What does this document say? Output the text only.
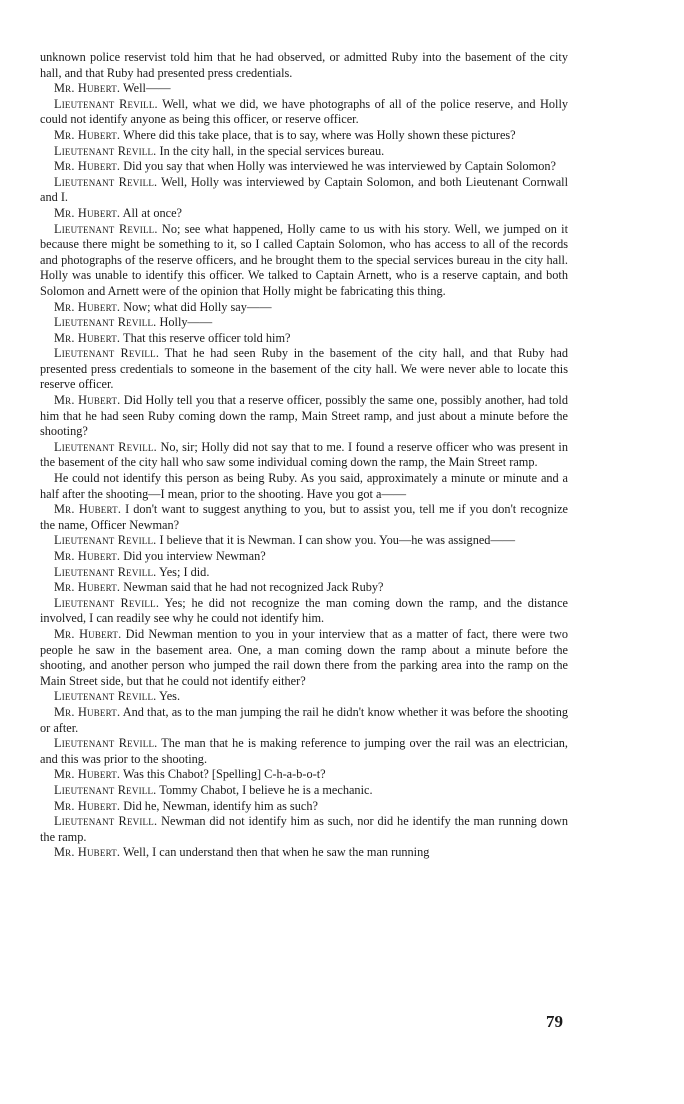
unknown police reservist told him that he had observed, or admitted Ruby into the basement of the city hall, and that Ruby had presented press credentials.

Mr. Hubert. Well——

Lieutenant Revill. Well, what we did, we have photographs of all of the police reserve, and Holly could not identify anyone as being this officer, or reserve officer.

Mr. Hubert. Where did this take place, that is to say, where was Holly shown these pictures?

Lieutenant Revill. In the city hall, in the special services bureau.

Mr. Hubert. Did you say that when Holly was interviewed he was interviewed by Captain Solomon?

Lieutenant Revill. Well, Holly was interviewed by Captain Solomon, and both Lieutenant Cornwall and I.

Mr. Hubert. All at once?

Lieutenant Revill. No; see what happened, Holly came to us with his story. Well, we jumped on it because there might be something to it, so I called Captain Solomon, who has access to all of the records and photographs of the reserve officers, and he brought them to the special services bureau in the city hall. Holly was unable to identify this officer. We talked to Captain Arnett, who is a reserve captain, and both Solomon and Arnett were of the opinion that Holly might be fabricating this thing.

Mr. Hubert. Now; what did Holly say——

Lieutenant Revill. Holly——

Mr. Hubert. That this reserve officer told him?

Lieutenant Revill. That he had seen Ruby in the basement of the city hall, and that Ruby had presented press credentials to someone in the basement of the city hall. We were never able to locate this reserve officer.

Mr. Hubert. Did Holly tell you that a reserve officer, possibly the same one, possibly another, had told him that he had seen Ruby coming down the ramp, Main Street ramp, and just about a minute before the shooting?

Lieutenant Revill. No, sir; Holly did not say that to me. I found a reserve officer who was present in the basement of the city hall who saw some individual coming down the ramp, the Main Street ramp.

He could not identify this person as being Ruby. As you said, approximately a minute or minute and a half after the shooting—I mean, prior to the shooting. Have you got a——

Mr. Hubert. I don't want to suggest anything to you, but to assist you, tell me if you don't recognize the name, Officer Newman?

Lieutenant Revill. I believe that it is Newman. I can show you. You—he was assigned——

Mr. Hubert. Did you interview Newman?

Lieutenant Revill. Yes; I did.

Mr. Hubert. Newman said that he had not recognized Jack Ruby?

Lieutenant Revill. Yes; he did not recognize the man coming down the ramp, and the distance involved, I can readily see why he could not identify him.

Mr. Hubert. Did Newman mention to you in your interview that as a matter of fact, there were two people he saw in the basement area. One, a man coming down the ramp about a minute before the shooting, and another person who jumped the rail down there from the parking area into the ramp on the Main Street side, but that he could not identify either?

Lieutenant Revill. Yes.

Mr. Hubert. And that, as to the man jumping the rail he didn't know whether it was before the shooting or after.

Lieutenant Revill. The man that he is making reference to jumping over the rail was an electrician, and this was prior to the shooting.

Mr. Hubert. Was this Chabot? [Spelling] C-h-a-b-o-t?

Lieutenant Revill. Tommy Chabot, I believe he is a mechanic.

Mr. Hubert. Did he, Newman, identify him as such?

Lieutenant Revill. Newman did not identify him as such, nor did he identify the man running down the ramp.

Mr. Hubert. Well, I can understand then that when he saw the man running

79
